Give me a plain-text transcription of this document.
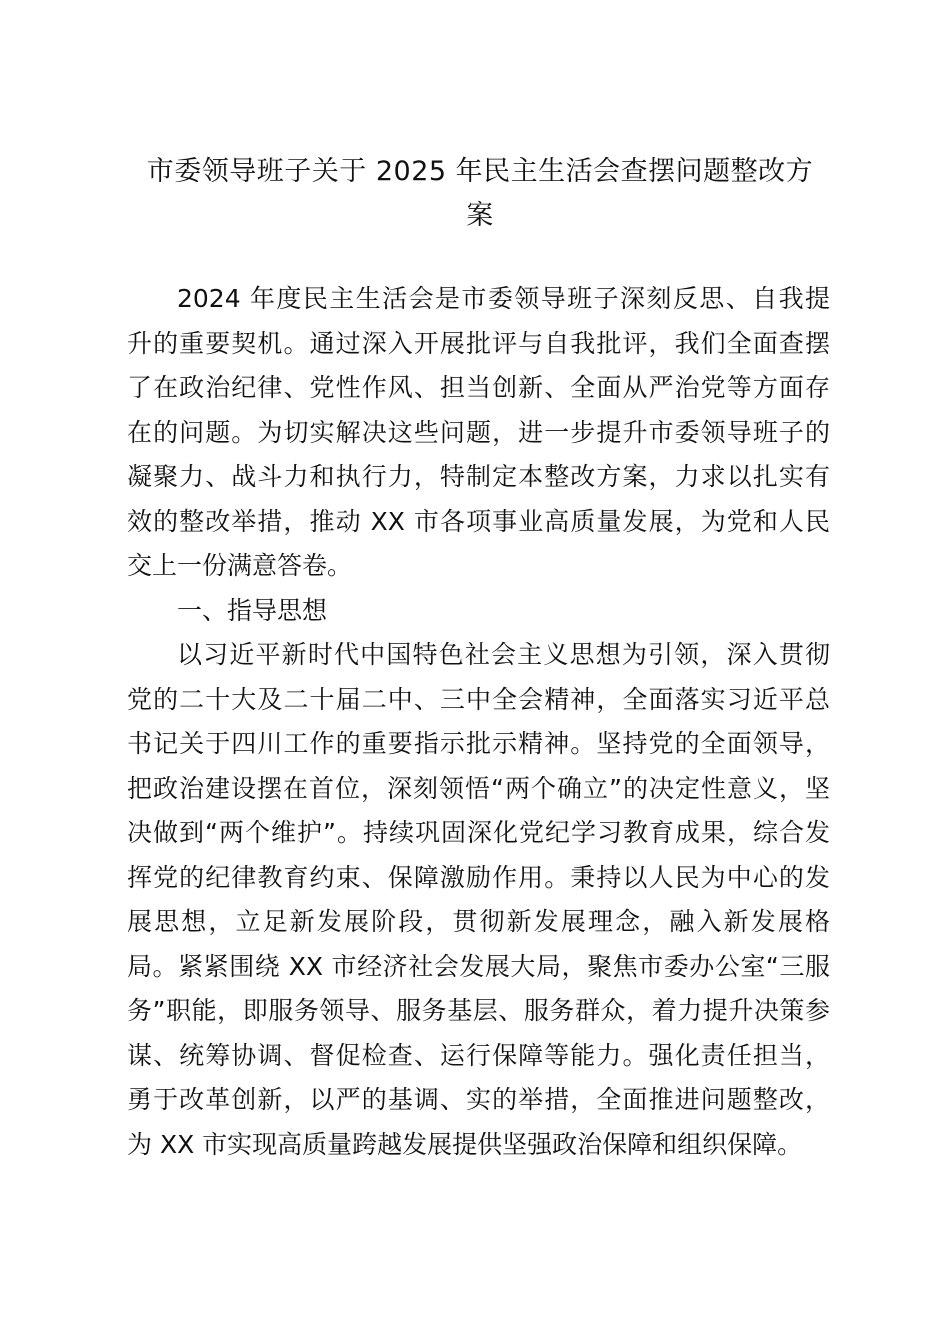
市委领导班子关于 2025 年民主生活会查摆问题整改方
案
2024 年度民主生活会是市委领导班子深刻反思、自我提
升的重要契机。通过深入开展批评与自我批评，我们全面查摆
了在政治纪律、党性作风、担当创新、全面从严治党等方面存
在的问题。为切实解决这些问题，进一步提升市委领导班子的
凝聚力、战斗力和执行力，特制定本整改方案，力求以扎实有
效的整改举措，推动 XX 市各项事业高质量发展，为党和人民
交上一份满意答卷。
一、指导思想
以习近平新时代中国特色社会主义思想为引领，深入贯彻
党的二十大及二十届二中、三中全会精神，全面落实习近平总
书记关于四川工作的重要指示批示精神。坚持党的全面领导，
把政治建设摆在首位，深刻领悟“两个确立”的决定性意义，坚
决做到“两个维护”。持续巩固深化党纪学习教育成果，综合发
挥党的纪律教育约束、保障激励作用。秉持以人民为中心的发
展思想，立足新发展阶段，贯彻新发展理念，融入新发展格
局。紧紧围绕 XX 市经济社会发展大局，聚焦市委办公室“三服
务”职能，即服务领导、服务基层、服务群众，着力提升决策参
谋、统筹协调、督促检查、运行保障等能力。强化责任担当，
勇于改革创新，以严的基调、实的举措，全面推进问题整改，
为 XX 市实现高质量跨越发展提供坚强政治保障和组织保障。
